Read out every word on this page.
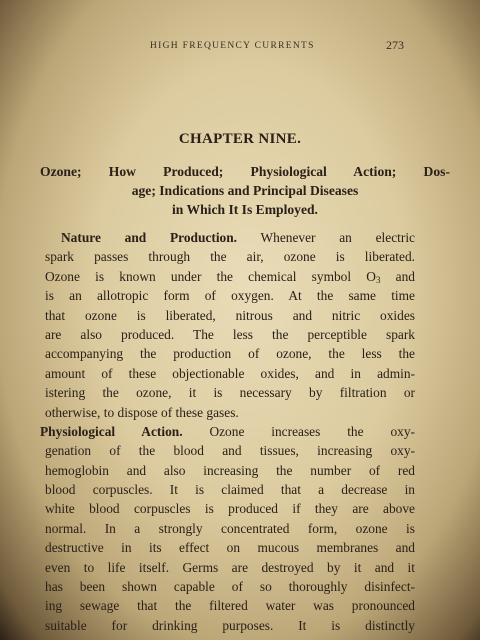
HIGH FREQUENCY CURRENTS	273
CHAPTER NINE.
Ozone; How Produced; Physiological Action; Dos-
age; Indications and Principal Diseases
in Which It Is Employed.
Nature and Production. Whenever an electric
spark passes through the air, ozone is liberated.
Ozone is known under the chemical symbol $O_3$ and
is an allotropic form of oxygen. At the same time
that ozone is liberated, nitrous and nitric oxides
are also produced. The less the perceptible spark
accompanying the production of ozone, the less the
amount of these objectionable oxides, and in admin-
istering the ozone, it is necessary by filtration or
otherwise, to dispose of these gases.
Physiological Action. Ozone increases the oxy-
genation of the blood and tissues, increasing oxy-
hemoglobin and also increasing the number of red
blood corpuscles. It is claimed that a decrease in
white blood corpuscles is produced if they are above
normal. In a strongly concentrated form, ozone is
destructive in its effect on mucous membranes and
even to life itself. Germs are destroyed by it and it
has been shown capable of so thoroughly disinfect-
ing sewage that the filtered water was pronounced
suitable for drinking purposes. It is distinctly
